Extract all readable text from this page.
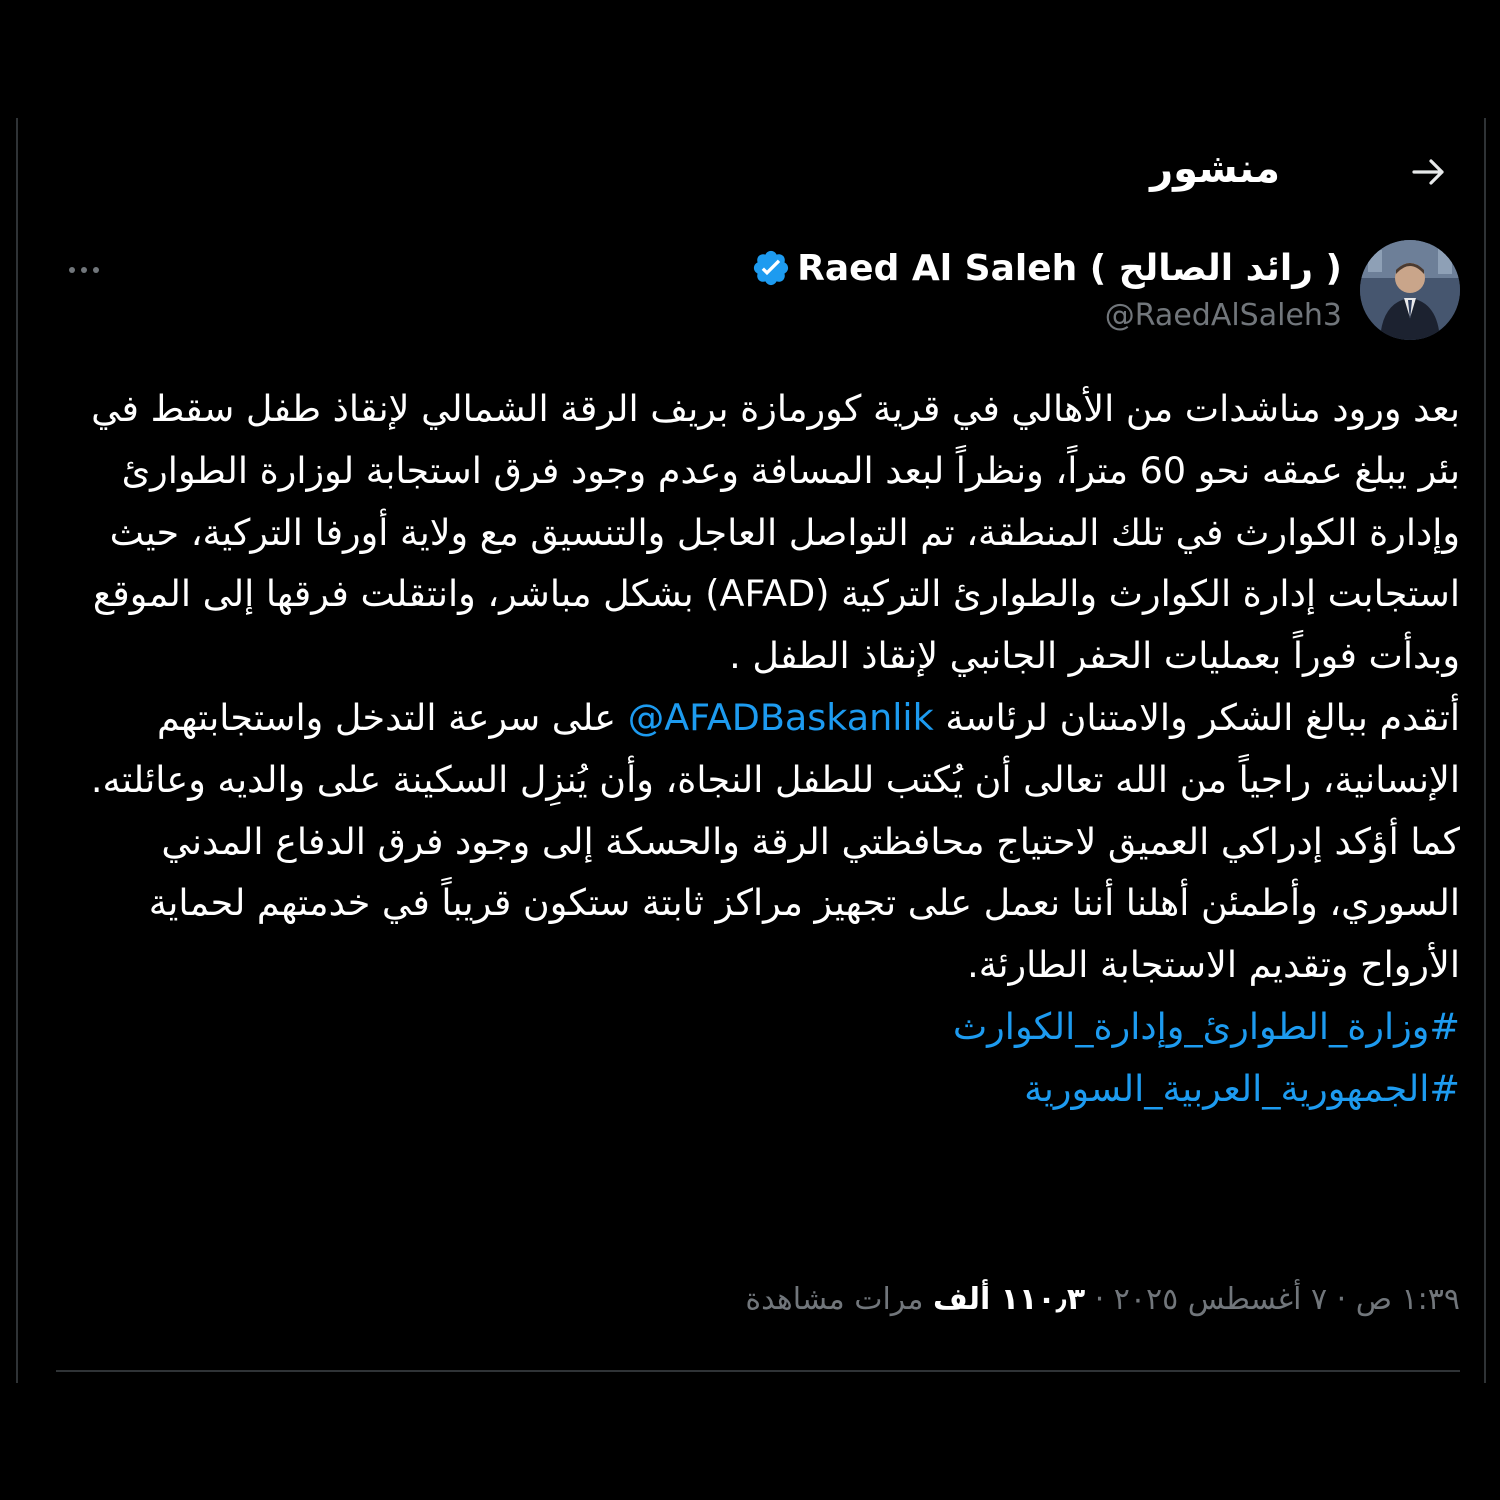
منشور
Raed Al Saleh ( رائد الصالح )
@RaedAlSaleh3

بعد ورود مناشدات من الأهالي في قرية كورمازة بريف الرقة الشمالي لإنقاذ طفل سقط في بئر يبلغ عمقه نحو 60 متراً، ونظراً لبعد المسافة وعدم وجود فرق استجابة لوزارة الطوارئ وإدارة الكوارث في تلك المنطقة، تم التواصل العاجل والتنسيق مع ولاية أورفا التركية، حيث استجابت إدارة الكوارث والطوارئ التركية (AFAD) بشكل مباشر، وانتقلت فرقها إلى الموقع وبدأت فوراً بعمليات الحفر الجانبي لإنقاذ الطفل .

أتقدم ببالغ الشكر والامتنان لرئاسة @AFADBaskanlik على سرعة التدخل واستجابتهم الإنسانية، راجياً من الله تعالى أن يُكتب للطفل النجاة، وأن يُنزِل السكينة على والديه وعائلته.

كما أؤكد إدراكي العميق لاحتياج محافظتي الرقة والحسكة إلى وجود فرق الدفاع المدني السوري، وأطمئن أهلنا أننا نعمل على تجهيز مراكز ثابتة ستكون قريباً في خدمتهم لحماية الأرواح وتقديم الاستجابة الطارئة.

#وزارة_الطوارئ_وإدارة_الكوارث
#الجمهورية_العربية_السورية
١:٣٩ ص · ٧ أغسطس ٢٠٢٥ · ١١٠٫٣ ألف مرات مشاهدة
